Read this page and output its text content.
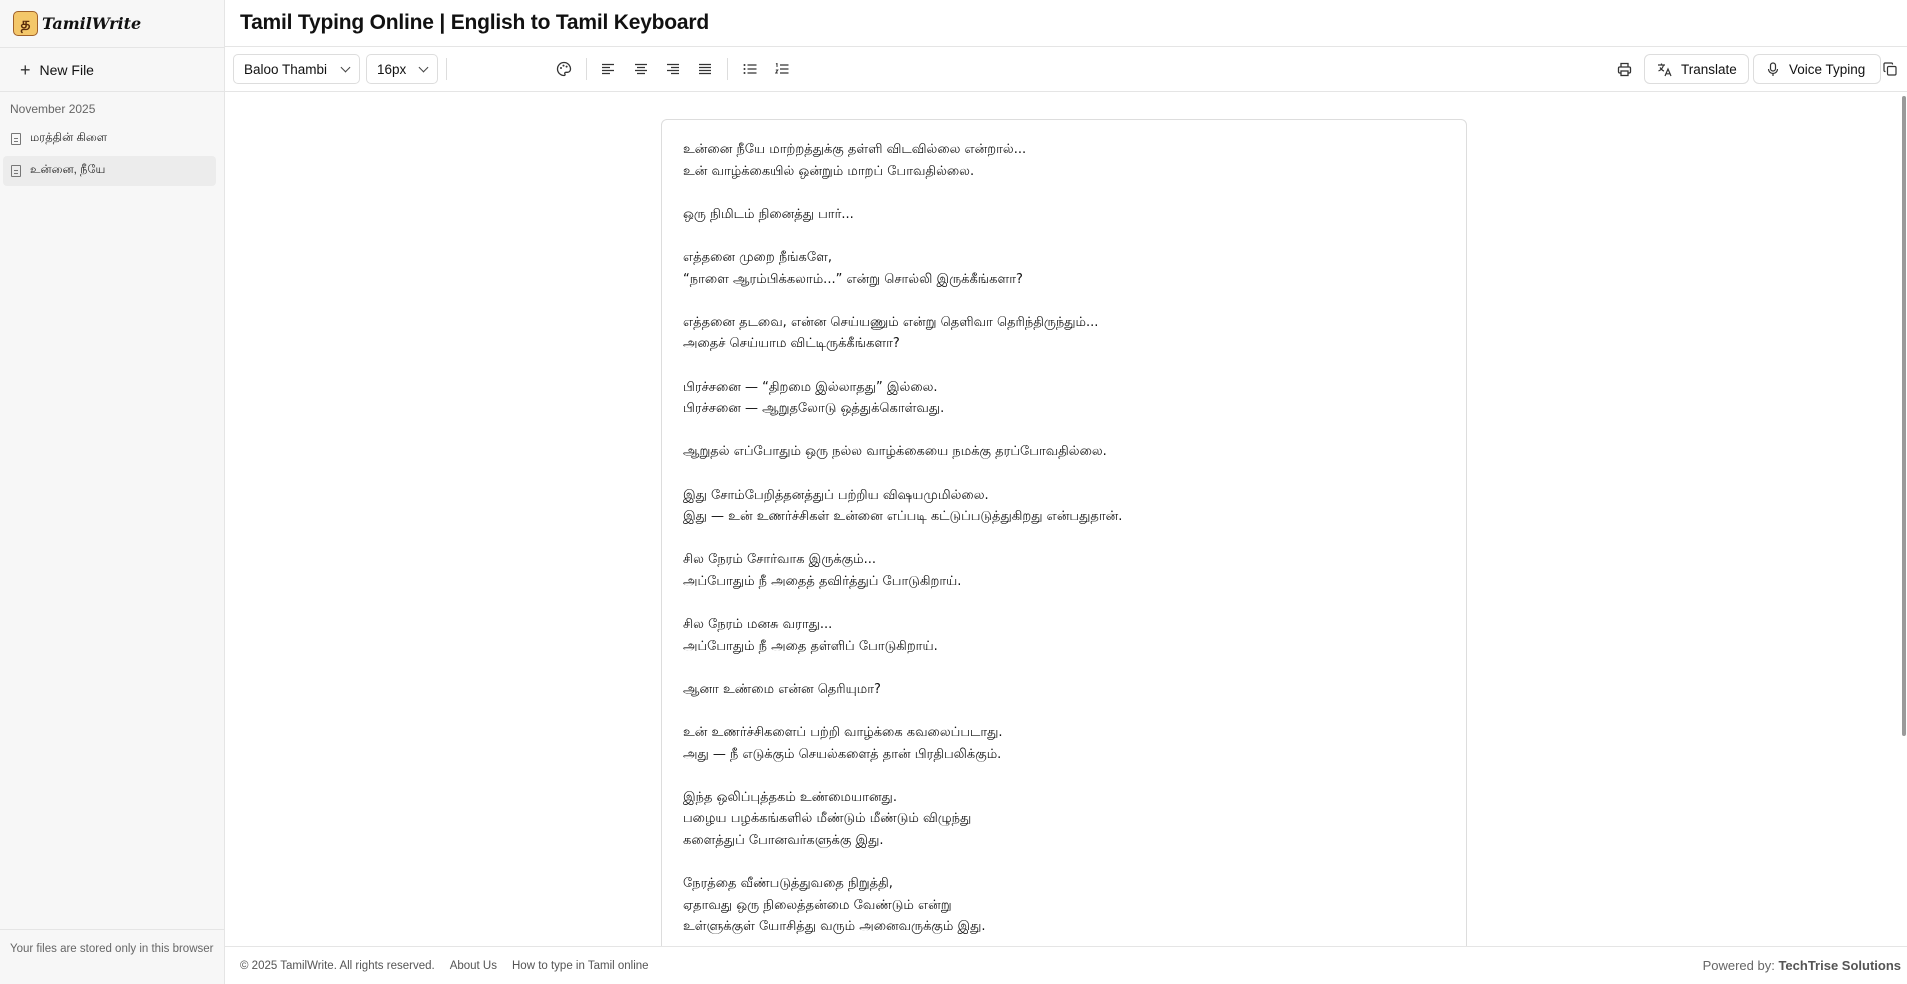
த TamilWrite
+ New File
November 2025
மரத்தின் கிளை
உன்னை, நீயே
Your files are stored only in this browser
Tamil Typing Online | English to Tamil Keyboard
Baloo Thambi	16px	Translate	Voice Typing
உன்னை நீயே மாற்றத்துக்கு தள்ளி விடவில்லை என்றால்...
உன் வாழ்க்கையில் ஒன்றும் மாறப் போவதில்லை.
ஒரு நிமிடம் நினைத்து பார்...
எத்தனை முறை நீங்களே,
“நாளை ஆரம்பிக்கலாம்...” என்று சொல்லி இருக்கீங்களா?
எத்தனை தடவை, என்ன செய்யணும் என்று தெளிவா தெரிந்திருந்தும்...
அதைச் செய்யாம விட்டிருக்கீங்களா?
பிரச்சனை — “திறமை இல்லாதது” இல்லை.
பிரச்சனை — ஆறுதலோடு ஒத்துக்கொள்வது.
ஆறுதல் எப்போதும் ஒரு நல்ல வாழ்க்கையை நமக்கு தரப்போவதில்லை.
இது சோம்பேறித்தனத்துப் பற்றிய விஷயமுமில்லை.
இது — உன் உணர்ச்சிகள் உன்னை எப்படி கட்டுப்படுத்துகிறது என்பதுதான்.
சில நேரம் சோர்வாக இருக்கும்...
அப்போதும் நீ அதைத் தவிர்த்துப் போடுகிறாய்.
சில நேரம் மனசு வராது...
அப்போதும் நீ அதை தள்ளிப் போடுகிறாய்.
ஆனா உண்மை என்ன தெரியுமா?
உன் உணர்ச்சிகளைப் பற்றி வாழ்க்கை கவலைப்படாது.
அது — நீ எடுக்கும் செயல்களைத் தான் பிரதிபலிக்கும்.
இந்த ஒலிப்புத்தகம் உண்மையானது.
பழைய பழக்கங்களில் மீண்டும் மீண்டும் விழுந்து
களைத்துப் போனவர்களுக்கு இது.
நேரத்தை வீண்படுத்துவதை நிறுத்தி,
ஏதாவது ஒரு நிலைத்தன்மை வேண்டும் என்று
உள்ளுக்குள் யோசித்து வரும் அனைவருக்கும் இது.
© 2025 TamilWrite. All rights reserved. About Us How to type in Tamil online	Powered by: TechTrise Solutions
